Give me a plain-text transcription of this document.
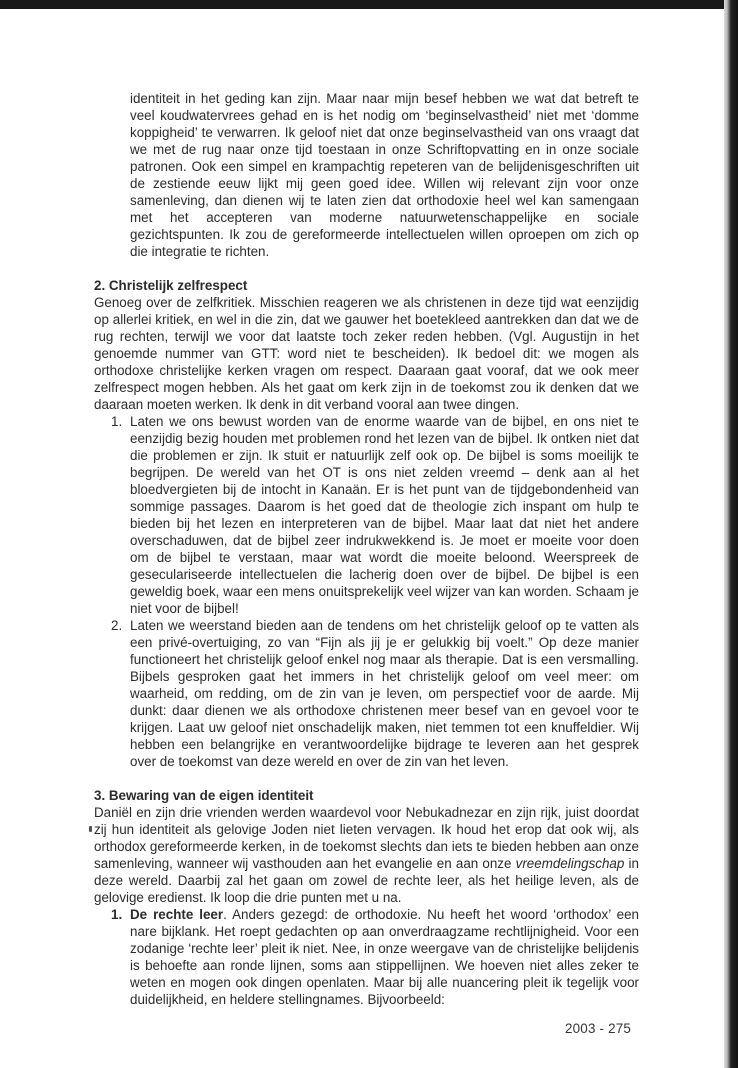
identiteit in het geding kan zijn. Maar naar mijn besef hebben we wat dat betreft te veel koudwatervrees gehad en is het nodig om ‘beginselvastheid’ niet met ‘domme koppigheid’ te verwarren. Ik geloof niet dat onze beginselvastheid van ons vraagt dat we met de rug naar onze tijd toestaan in onze Schriftopvatting en in onze sociale patronen. Ook een simpel en krampachtig repeteren van de belijdenisgeschriften uit de zestiende eeuw lijkt mij geen goed idee. Willen wij relevant zijn voor onze samenleving, dan dienen wij te laten zien dat orthodoxie heel wel kan samengaan met het accepteren van moderne natuurwetenschappelijke en sociale gezichtspunten. Ik zou de gereformeerde intellectuelen willen oproepen om zich op die integratie te richten.

2. Christelijk zelfrespect

Genoeg over de zelfkritiek. Misschien reageren we als christenen in deze tijd wat eenzijdig op allerlei kritiek, en wel in die zin, dat we gauwer het boetekleed aantrekken dan dat we de rug rechten, terwijl we voor dat laatste toch zeker reden hebben. (Vgl. Augustijn in het genoemde nummer van GTT: word niet te bescheiden). Ik bedoel dit: we mogen als orthodoxe christelijke kerken vragen om respect. Daaraan gaat vooraf, dat we ook meer zelfrespect mogen hebben. Als het gaat om kerk zijn in de toekomst zou ik denken dat we daaraan moeten werken. Ik denk in dit verband vooral aan twee dingen.

1. Laten we ons bewust worden van de enorme waarde van de bijbel, en ons niet te eenzijdig bezig houden met problemen rond het lezen van de bijbel. Ik ontken niet dat die problemen er zijn. Ik stuit er natuurlijk zelf ook op. De bijbel is soms moeilijk te begrijpen. De wereld van het OT is ons niet zelden vreemd – denk aan al het bloedvergieten bij de intocht in Kanaän. Er is het punt van de tijdgebondenheid van sommige passages. Daarom is het goed dat de theologie zich inspant om hulp te bieden bij het lezen en interpreteren van de bijbel. Maar laat dat niet het andere overschaduwen, dat de bijbel zeer indrukwekkend is. Je moet er moeite voor doen om de bijbel te verstaan, maar wat wordt die moeite beloond. Weerspreek de geseculariseerde intellectuelen die lacherig doen over de bijbel. De bijbel is een geweldig boek, waar een mens onuitsprekelijk veel wijzer van kan worden. Schaam je niet voor de bijbel!
2. Laten we weerstand bieden aan de tendens om het christelijk geloof op te vatten als een privé-overtuiging, zo van “Fijn als jij je er gelukkig bij voelt.” Op deze manier functioneert het christelijk geloof enkel nog maar als therapie. Dat is een versmalling. Bijbels gesproken gaat het immers in het christelijk geloof om veel meer: om waarheid, om redding, om de zin van je leven, om perspectief voor de aarde. Mij dunkt: daar dienen we als orthodoxe christenen meer besef van en gevoel voor te krijgen. Laat uw geloof niet onschadelijk maken, niet temmen tot een knuffeldier. Wij hebben een belangrijke en verantwoordelijke bijdrage te leveren aan het gesprek over de toekomst van deze wereld en over de zin van het leven.
3. Bewaring van de eigen identiteit

Daniël en zijn drie vrienden werden waardevol voor Nebukadnezar en zijn rijk, juist doordat zij hun identiteit als gelovige Joden niet lieten vervagen. Ik houd het erop dat ook wij, als orthodox gereformeerde kerken, in de toekomst slechts dan iets te bieden hebben aan onze samenleving, wanneer wij vasthouden aan het evangelie en aan onze vreemdelingschap in deze wereld. Daarbij zal het gaan om zowel de rechte leer, als het heilige leven, als de gelovige eredienst. Ik loop die drie punten met u na.

1. De rechte leer. Anders gezegd: de orthodoxie. Nu heeft het woord ‘orthodox’ een nare bijklank. Het roept gedachten op aan onverdraagzame rechtlijnigheid. Voor een zodanige ‘rechte leer’ pleit ik niet. Nee, in onze weergave van de christelijke belijdenis is behoefte aan ronde lijnen, soms aan stippellijnen. We hoeven niet alles zeker te weten en mogen ook dingen openlaten. Maar bij alle nuancering pleit ik tegelijk voor duidelijkheid, en heldere stellingnames. Bijvoorbeeld:
2003 - 275
